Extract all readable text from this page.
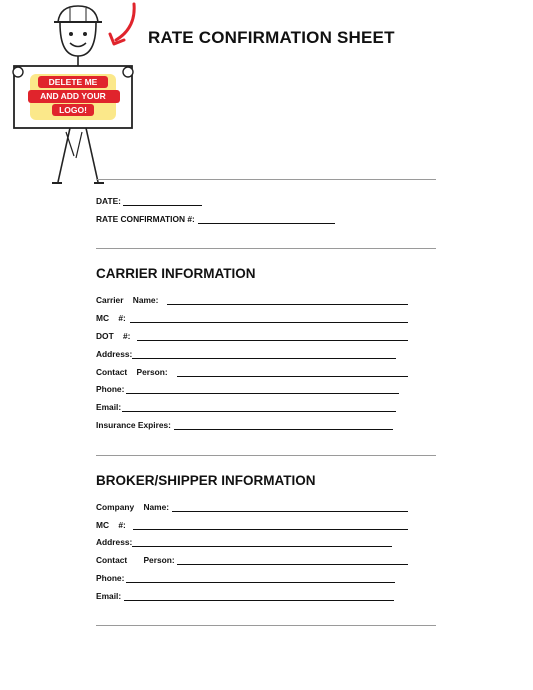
DELETE ME
AND ADD YOUR
LOGO!
RATE CONFIRMATION SHEET
DATE:
RATE CONFIRMATION #:
CARRIER INFORMATION
Carrier    Name:
MC    #:
DOT    #:
Address:
Contact    Person:
Phone:
Email:
Insurance Expires:
BROKER/SHIPPER INFORMATION
Company    Name:
MC    #:
Address:
Contact       Person:
Phone:
Email:
